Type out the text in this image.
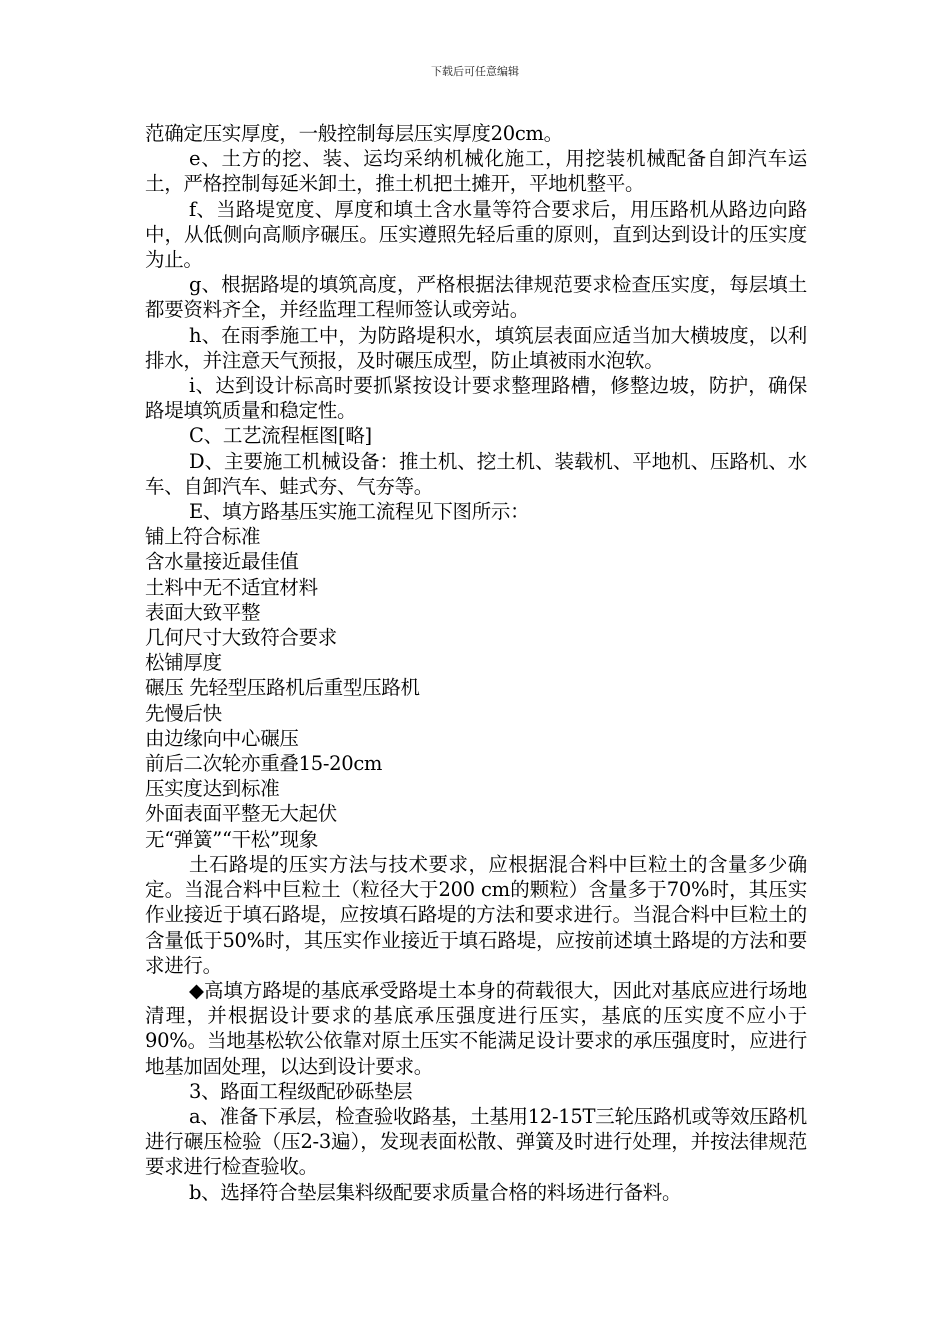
下载后可任意编辑

范确定压实厚度，一般控制每层压实厚度20cm。

e、土方的挖、装、运均采纳机械化施工，用挖装机械配备自卸汽车运土，严格控制每延米卸土，推土机把土摊开，平地机整平。

f、当路堤宽度、厚度和填土含水量等符合要求后，用压路机从路边向路中，从低侧向高顺序碾压。压实遵照先轻后重的原则，直到达到设计的压实度为止。

g、根据路堤的填筑高度，严格根据法律规范要求检查压实度，每层填土都要资料齐全，并经监理工程师签认或旁站。

h、在雨季施工中，为防路堤积水，填筑层表面应适当加大横坡度，以利排水，并注意天气预报，及时碾压成型，防止填被雨水泡软。

i、达到设计标高时要抓紧按设计要求整理路槽，修整边坡，防护，确保路堤填筑质量和稳定性。

C、工艺流程框图[略]

D、主要施工机械设备：推土机、挖土机、装载机、平地机、压路机、水车、自卸汽车、蛙式夯、气夯等。

E、填方路基压实施工流程见下图所示：

铺上符合标准

含水量接近最佳值

土料中无不适宜材料

表面大致平整

几何尺寸大致符合要求

松铺厚度

碾压 先轻型压路机后重型压路机

先慢后快

由边缘向中心碾压

前后二次轮亦重叠15-20cm

压实度达到标准

外面表面平整无大起伏

无“弹簧”“干松”现象

土石路堤的压实方法与技术要求，应根据混合料中巨粒土的含量多少确定。当混合料中巨粒土（粒径大于200 cm的颗粒）含量多于70%时，其压实作业接近于填石路堤，应按填石路堤的方法和要求进行。当混合料中巨粒土的含量低于50%时，其压实作业接近于填石路堤，应按前述填土路堤的方法和要求进行。

◆高填方路堤的基底承受路堤土本身的荷载很大，因此对基底应进行场地清理，并根据设计要求的基底承压强度进行压实，基底的压实度不应小于90%。当地基松软公依靠对原土压实不能满足设计要求的承压强度时，应进行地基加固处理，以达到设计要求。

3、路面工程级配砂砾垫层

a、准备下承层，检查验收路基，土基用12-15T三轮压路机或等效压路机进行碾压检验（压2-3遍），发现表面松散、弹簧及时进行处理，并按法律规范要求进行检查验收。

b、选择符合垫层集料级配要求质量合格的料场进行备料。
